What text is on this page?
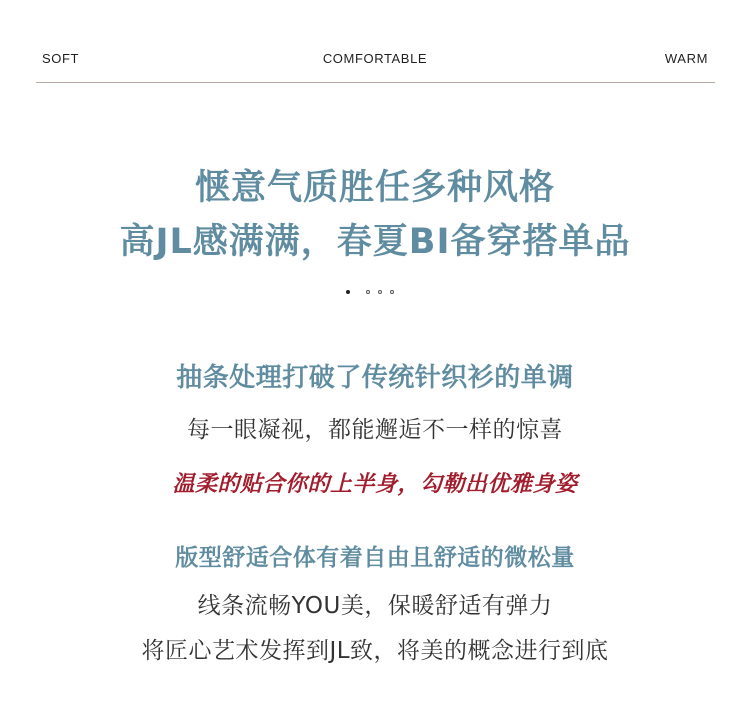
SOFT	COMFORTABLE	WARM
惬意气质胜任多种风格
高JL感满满，春夏BI备穿搭单品
抽条处理打破了传统针织衫的单调
每一眼凝视，都能邂逅不一样的惊喜
温柔的贴合你的上半身，勾勒出优雅身姿
版型舒适合体有着自由且舒适的微松量
线条流畅YOU美，保暖舒适有弹力
将匠心艺术发挥到JL致，将美的概念进行到底
